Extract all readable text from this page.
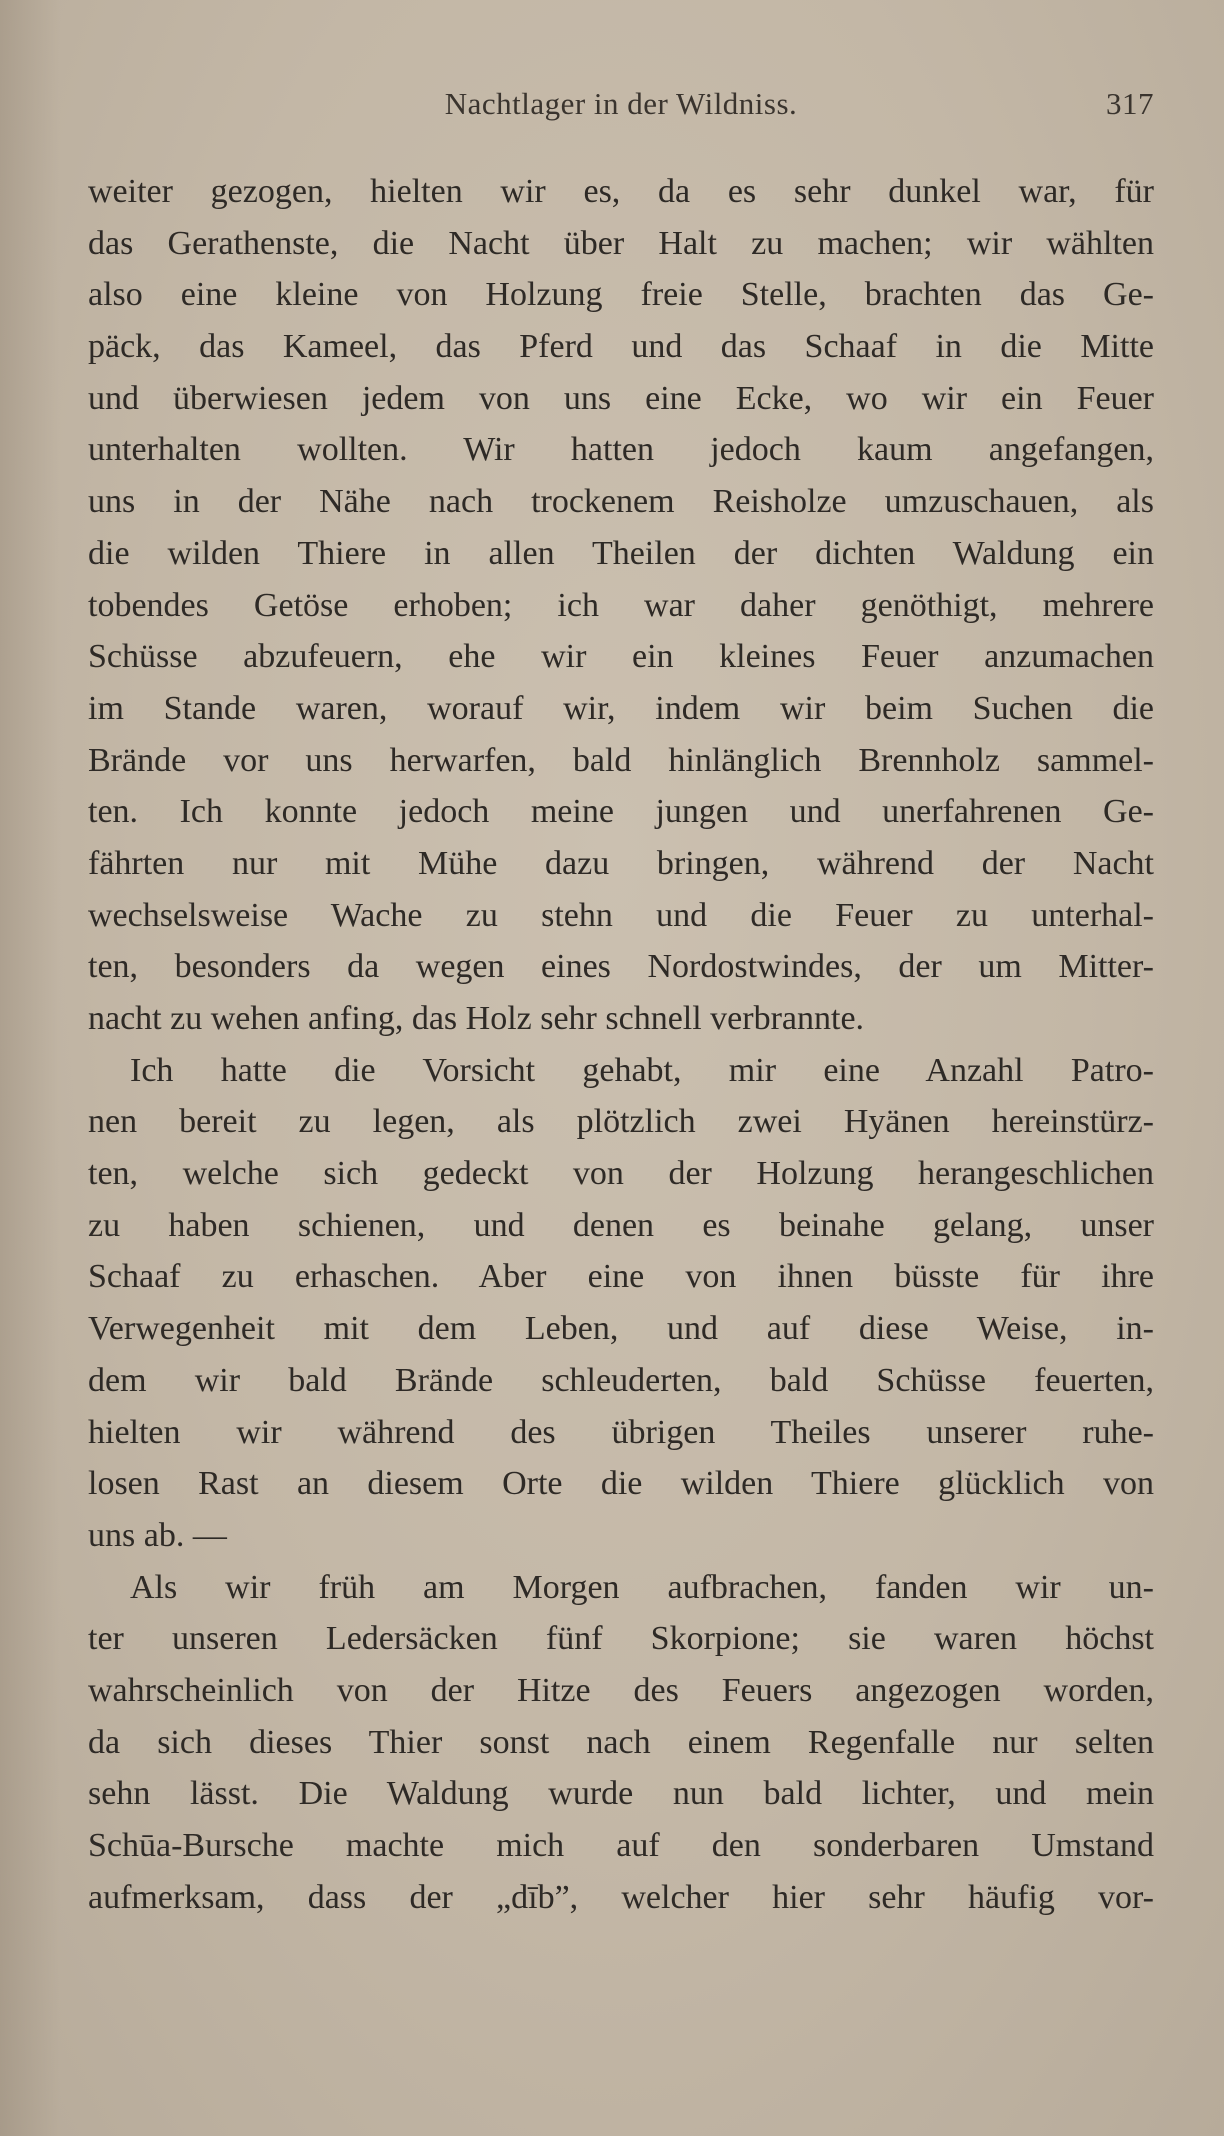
Nachtlager in der Wildniss.	317
weiter gezogen, hielten wir es, da es sehr dunkel war, für
das Gerathenste, die Nacht über Halt zu machen; wir wählten
also eine kleine von Holzung freie Stelle, brachten das Ge-
päck, das Kameel, das Pferd und das Schaaf in die Mitte
und überwiesen jedem von uns eine Ecke, wo wir ein Feuer
unterhalten wollten. Wir hatten jedoch kaum angefangen,
uns in der Nähe nach trockenem Reisholze umzuschauen, als
die wilden Thiere in allen Theilen der dichten Waldung ein
tobendes Getöse erhoben; ich war daher genöthigt, mehrere
Schüsse abzufeuern, ehe wir ein kleines Feuer anzumachen
im Stande waren, worauf wir, indem wir beim Suchen die
Brände vor uns herwarfen, bald hinlänglich Brennholz sammel-
ten. Ich konnte jedoch meine jungen und unerfahrenen Ge-
fährten nur mit Mühe dazu bringen, während der Nacht
wechselsweise Wache zu stehn und die Feuer zu unterhal-
ten, besonders da wegen eines Nordostwindes, der um Mitter-
nacht zu wehen anfing, das Holz sehr schnell verbrannte.
Ich hatte die Vorsicht gehabt, mir eine Anzahl Patro-
nen bereit zu legen, als plötzlich zwei Hyänen hereinstürz-
ten, welche sich gedeckt von der Holzung herangeschlichen
zu haben schienen, und denen es beinahe gelang, unser
Schaaf zu erhaschen. Aber eine von ihnen büsste für ihre
Verwegenheit mit dem Leben, und auf diese Weise, in-
dem wir bald Brände schleuderten, bald Schüsse feuerten,
hielten wir während des übrigen Theiles unserer ruhe-
losen Rast an diesem Orte die wilden Thiere glücklich von
uns ab. —
Als wir früh am Morgen aufbrachen, fanden wir un-
ter unseren Ledersäcken fünf Skorpione; sie waren höchst
wahrscheinlich von der Hitze des Feuers angezogen worden,
da sich dieses Thier sonst nach einem Regenfalle nur selten
sehn lässt. Die Waldung wurde nun bald lichter, und mein
Schūa-Bursche machte mich auf den sonderbaren Umstand
aufmerksam, dass der „dīb”, welcher hier sehr häufig vor-
